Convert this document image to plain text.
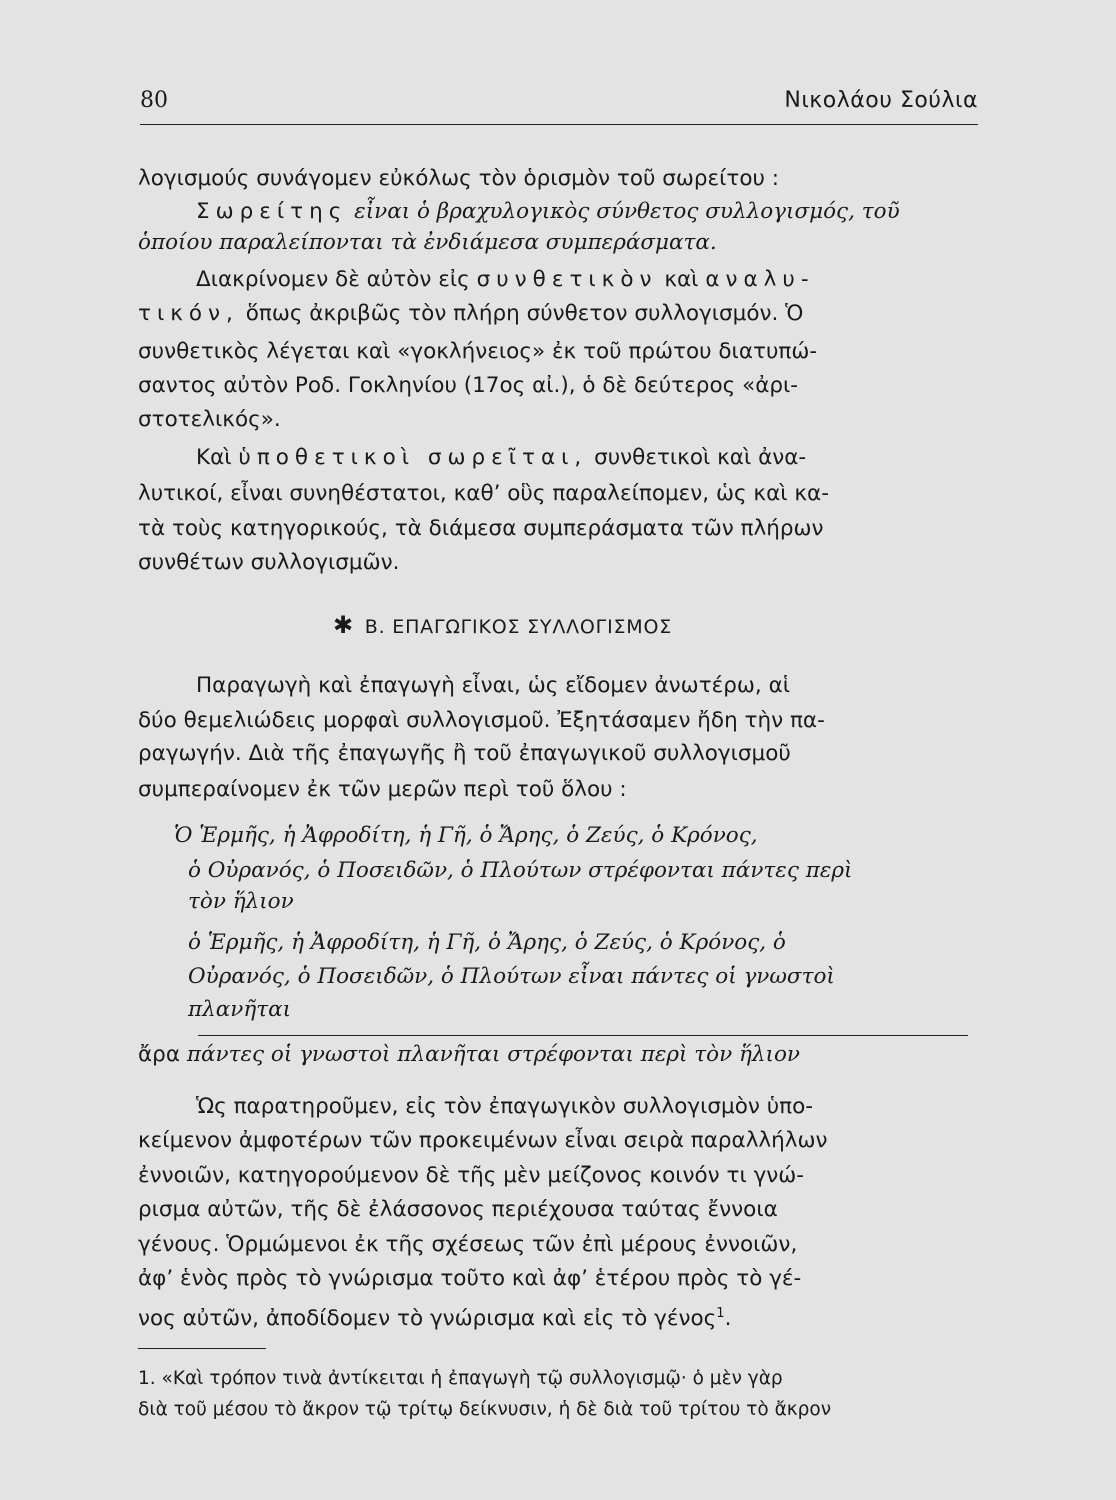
80	Νικολάου Σούλια
λογισμούς συνάγομεν εὐκόλως τὸν ὁρισμὸν τοῦ σωρείτου :
Σωρείτης εἶναι ὁ βραχυλογικὸς σύνθετος συλλογισμός, τοῦ
ὁποίου παραλείπονται τὰ ἐνδιάμεσα συμπεράσματα.
Διακρίνομεν δὲ αὐτὸν εἰς συνθετικὸν καὶ αναλυ-
τικόν, ὅπως ἀκριβῶς τὸν πλήρη σύνθετον συλλογισμόν. Ὁ
συνθετικὸς λέγεται καὶ «γοκλήνειος» ἐκ τοῦ πρώτου διατυπώ-
σαντος αὐτὸν Ροδ. Γοκληνίου (17ος αἰ.), ὁ δὲ δεύτερος «ἀρι-
στοτελικός».
Καὶ ὑποθετικοὶ σωρεῖται, συνθετικοὶ καὶ ἀνα-
λυτικοί, εἶναι συνηθέστατοι, καθ’ οὓς παραλείπομεν, ὡς καὶ κα-
τὰ τοὺς κατηγορικούς, τὰ διάμεσα συμπεράσματα τῶν πλήρων
συνθέτων συλλογισμῶν.
✱ Β. ΕΠΑΓΩΓΙΚΟΣ ΣΥΛΛΟΓΙΣΜΟΣ
Παραγωγὴ καὶ ἐπαγωγὴ εἶναι, ὡς εἴδομεν ἀνωτέρω, αἱ
δύο θεμελιώδεις μορφαὶ συλλογισμοῦ. Ἐξητάσαμεν ἤδη τὴν πα-
ραγωγήν. Διὰ τῆς ἐπαγωγῆς ἢ τοῦ ἐπαγωγικοῦ συλλογισμοῦ
συμπεραίνομεν ἐκ τῶν μερῶν περὶ τοῦ ὅλου :
Ὁ Ἑρμῆς, ἡ Ἀφροδίτη, ἡ Γῆ, ὁ Ἄρης, ὁ Ζεύς, ὁ Κρόνος,
ὁ Οὐρανός, ὁ Ποσειδῶν, ὁ Πλούτων στρέφονται πάντες περὶ
τὸν ἥλιον
ὁ Ἑρμῆς, ἡ Ἀφροδίτη, ἡ Γῆ, ὁ Ἄρης, ὁ Ζεύς, ὁ Κρόνος, ὁ
Οὐρανός, ὁ Ποσειδῶν, ὁ Πλούτων εἶναι πάντες οἱ γνωστοὶ
πλανῆται
ἄρα πάντες οἱ γνωστοὶ πλανῆται στρέφονται περὶ τὸν ἥλιον
Ὡς παρατηροῦμεν, εἰς τὸν ἐπαγωγικὸν συλλογισμὸν ὑπο-
κείμενον ἀμφοτέρων τῶν προκειμένων εἶναι σειρὰ παραλλήλων
ἐννοιῶν, κατηγορούμενον δὲ τῆς μὲν μείζονος κοινόν τι γνώ-
ρισμα αὐτῶν, τῆς δὲ ἐλάσσονος περιέχουσα ταύτας ἔννοια
γένους. Ὁρμώμενοι ἐκ τῆς σχέσεως τῶν ἐπὶ μέρους ἐννοιῶν,
ἀφ’ ἑνὸς πρὸς τὸ γνώρισμα τοῦτο καὶ ἀφ’ ἑτέρου πρὸς τὸ γέ-
νος αὐτῶν, ἀποδίδομεν τὸ γνώρισμα καὶ εἰς τὸ γένος$^1$.
1. «Καὶ τρόπον τινὰ ἀντίκειται ἡ ἐπαγωγὴ τῷ συλλογισμῷ· ὁ μὲν γὰρ
διὰ τοῦ μέσου τὸ ἄκρον τῷ τρίτῳ δείκνυσιν, ἡ δὲ διὰ τοῦ τρίτου τὸ ἄκρον
